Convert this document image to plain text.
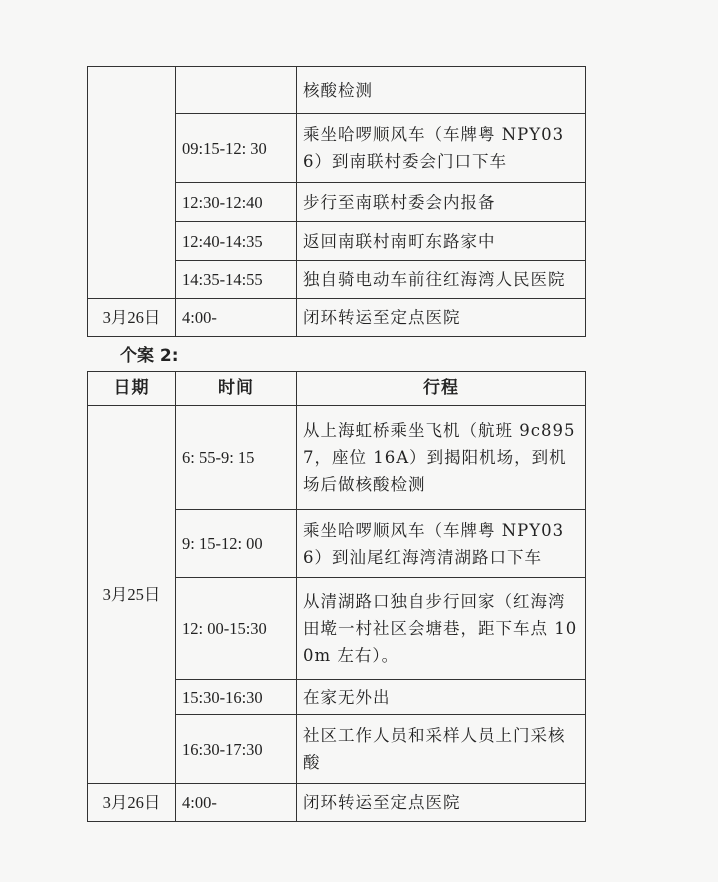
		核酸检测
	09:15-12: 30	乘坐哈啰顺风车（车牌粤 NPY036）到南联村委会门口下车
	12:30-12:40	步行至南联村委会内报备
	12:40-14:35	返回南联村南町东路家中
	14:35-14:55	独自骑电动车前往红海湾人民医院
3月26日	4:00-	闭环转运至定点医院
个案 2:
日期	时间	行程
3月25日	6: 55-9: 15	从上海虹桥乘坐飞机（航班 9c8957，座位 16A）到揭阳机场，到机场后做核酸检测
	9: 15-12: 00	乘坐哈啰顺风车（车牌粤 NPY036）到汕尾红海湾清湖路口下车
	12: 00-15:30	从清湖路口独自步行回家（红海湾田墘一村社区会塘巷，距下车点 100m 左右）。
	15:30-16:30	在家无外出
	16:30-17:30	社区工作人员和采样人员上门采核酸
3月26日	4:00-	闭环转运至定点医院
